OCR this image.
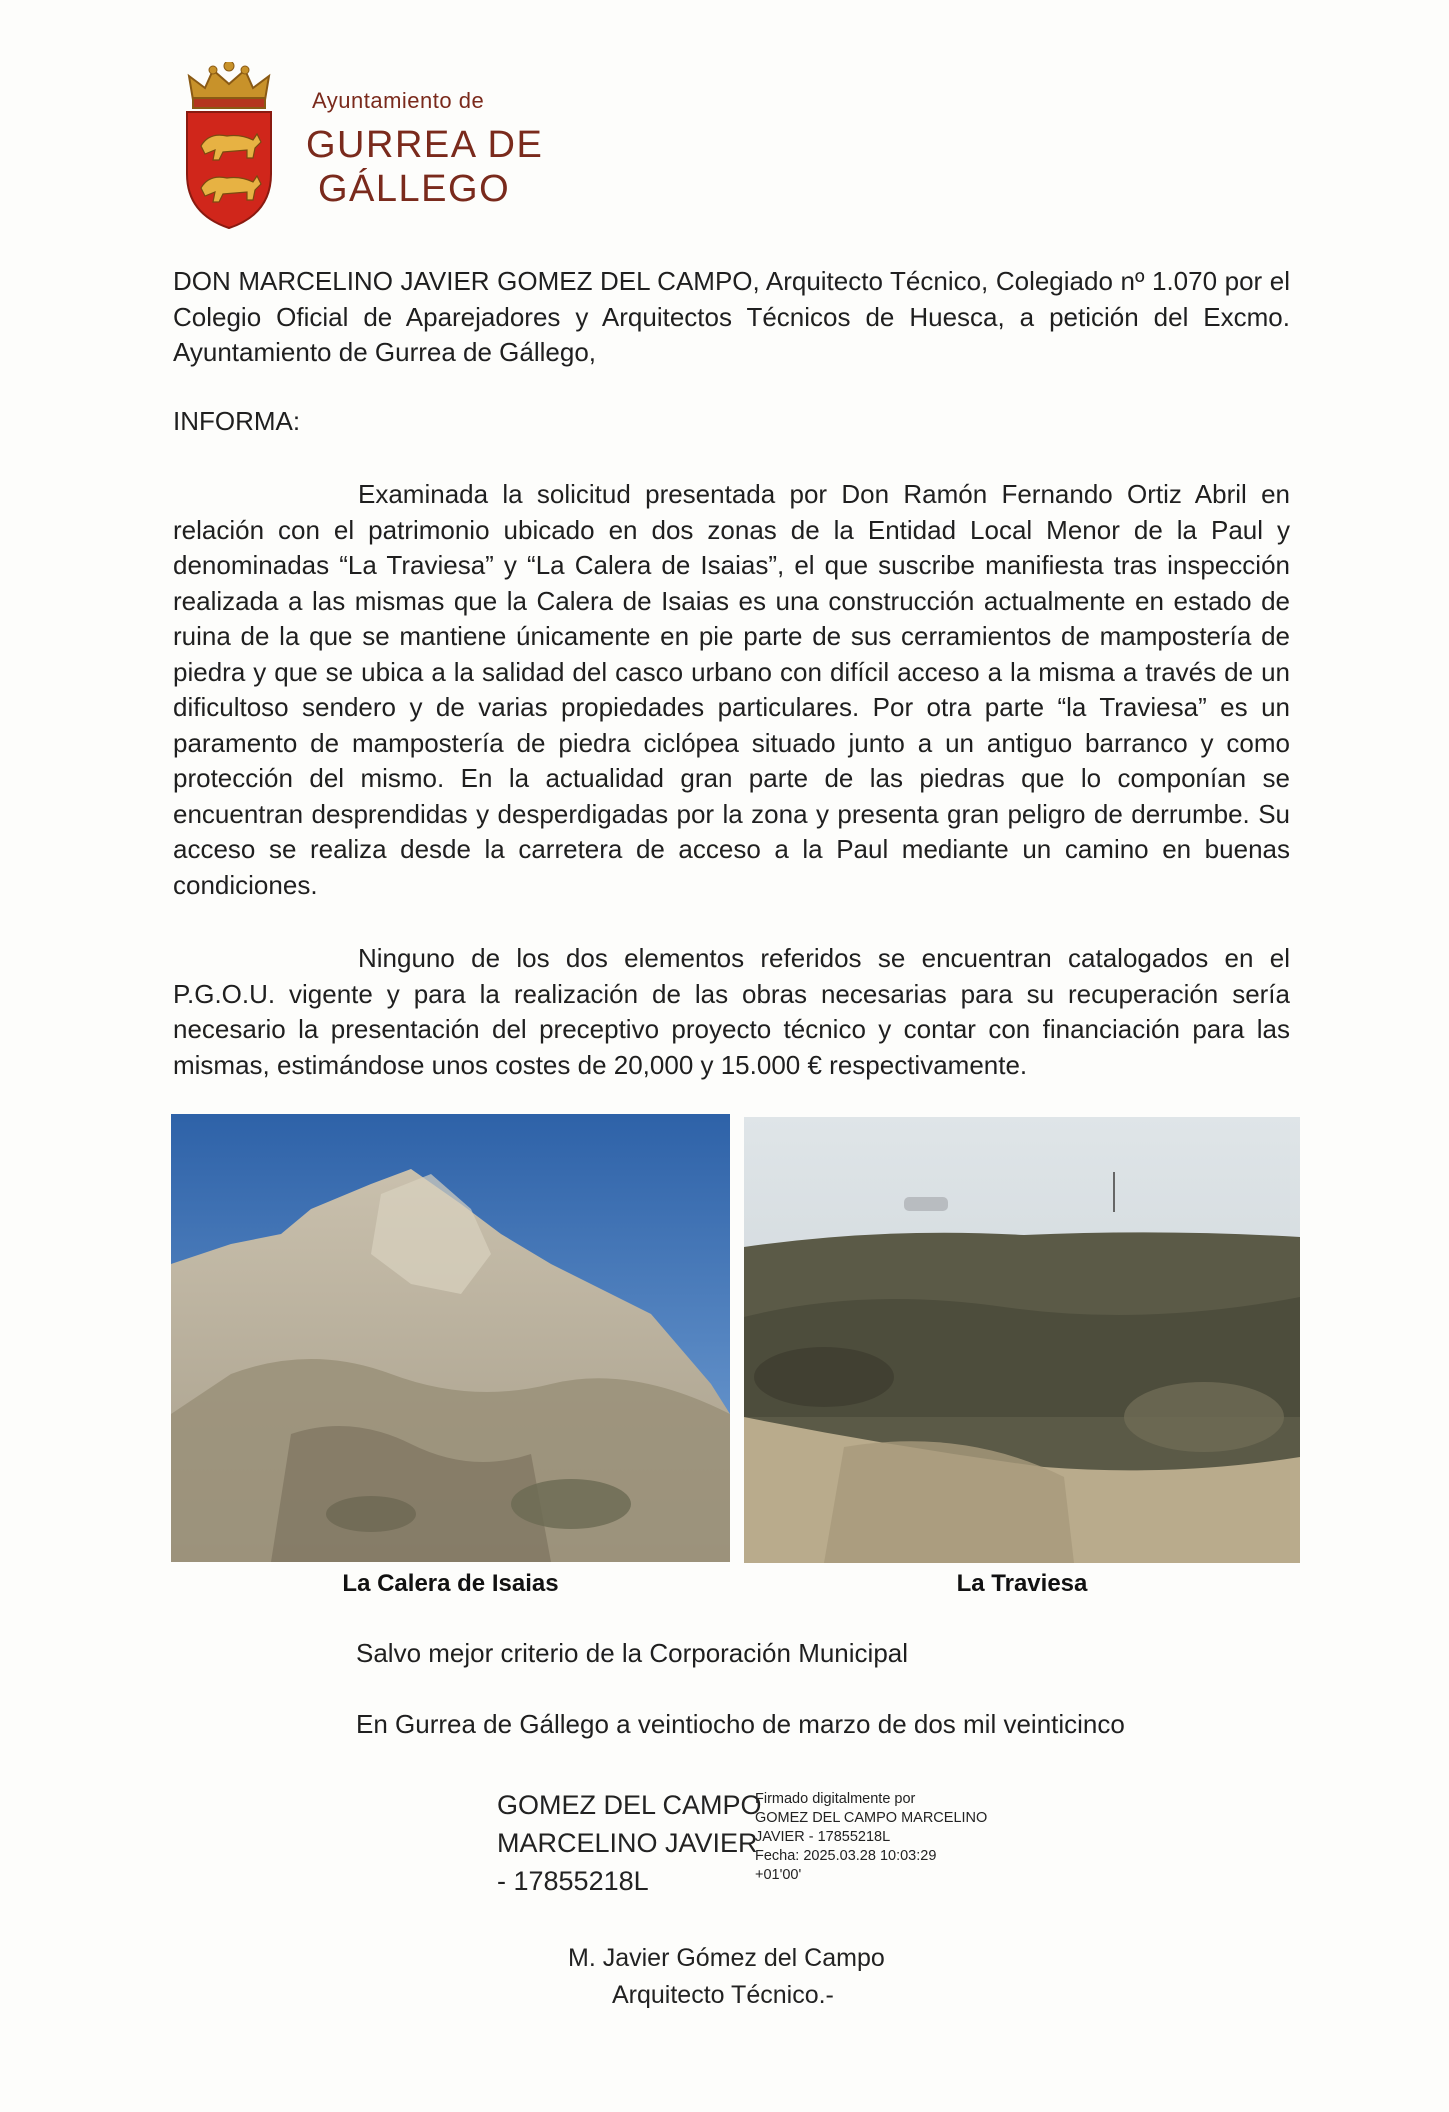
Ayuntamiento de
GURREA DE
GÁLLEGO
DON MARCELINO JAVIER GOMEZ DEL CAMPO, Arquitecto Técnico, Colegiado nº 1.070 por el Colegio Oficial de Aparejadores y Arquitectos Técnicos de Huesca, a petición del Excmo. Ayuntamiento de Gurrea de Gállego,
INFORMA:
Examinada la solicitud presentada por Don Ramón Fernando Ortiz Abril en relación con el patrimonio ubicado en dos zonas de la Entidad Local Menor de la Paul y denominadas “La Traviesa” y “La Calera de Isaias”, el que suscribe manifiesta tras inspección realizada a las mismas que la Calera de Isaias es una construcción actualmente en estado de ruina de la que se mantiene únicamente en pie parte de sus cerramientos de mampostería de piedra y que se ubica a la salidad del casco urbano con difícil acceso a la misma a través de un dificultoso sendero y de varias propiedades particulares. Por otra parte “la Traviesa” es un paramento de mampostería de piedra ciclópea situado junto a un antiguo barranco y como protección del mismo. En la actualidad gran parte de las piedras que lo componían se encuentran desprendidas y desperdigadas por la zona y presenta gran peligro de derrumbe. Su acceso se realiza desde la carretera de acceso a la Paul mediante un camino en buenas condiciones.
Ninguno de los dos elementos referidos se encuentran catalogados en el P.G.O.U. vigente y para la realización de las obras necesarias para su recuperación sería necesario la presentación del preceptivo proyecto técnico y contar con financiación para las mismas, estimándose unos costes de 20,000 y 15.000 € respectivamente.
La Calera de Isaias	La Traviesa
Salvo mejor criterio de la Corporación Municipal
En Gurrea de Gállego a veintiocho de marzo de dos mil veinticinco
GOMEZ DEL CAMPO
MARCELINO JAVIER
- 17855218L
Firmado digitalmente por
GOMEZ DEL CAMPO MARCELINO
JAVIER - 17855218L
Fecha: 2025.03.28 10:03:29
+01'00'
M. Javier Gómez del Campo
Arquitecto Técnico.-
